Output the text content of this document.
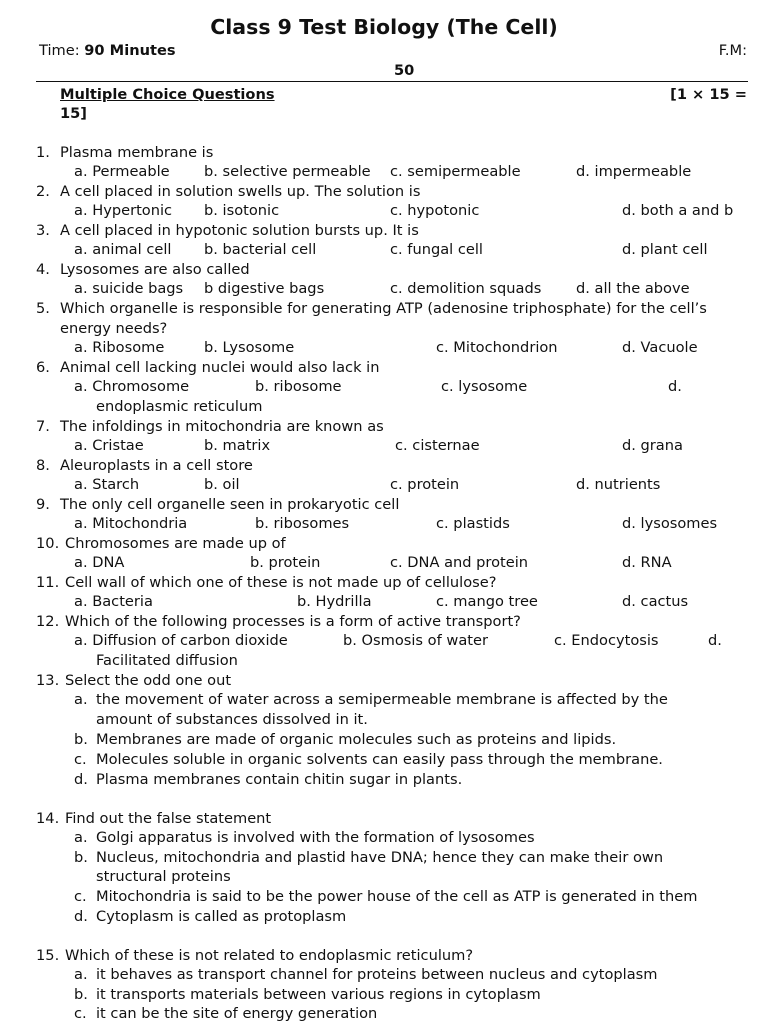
Class 9 Test Biology (The Cell)
Time: 90 Minutes	F.M:
50
Multiple Choice Questions	[1 × 15 =
15]
1. Plasma membrane is
a. Permeable b. selective permeable c. semipermeable	d. impermeable
2. A cell placed in solution swells up. The solution is
a. Hypertonic b. isotonic	c. hypotonic	d. both a and b
3. A cell placed in hypotonic solution bursts up. It is
a. animal cell b. bacterial cell	c. fungal cell	d. plant cell
4. Lysosomes are also called
a. suicide bags b digestive bags	c. demolition squads d. all the above
5. Which organelle is responsible for generating ATP (adenosine triphosphate) for the cell’s
energy needs?
a. Ribosome	b. Lysosome	c. Mitochondrion	d. Vacuole
6. Animal cell lacking nuclei would also lack in
a. Chromosome	b. ribosome	c. lysosome	d.
endoplasmic reticulum
7. The infoldings in mitochondria are known as
a. Cristae	b. matrix	c. cisternae	d. grana
8. Aleuroplasts in a cell store
a. Starch	b. oil	c. protein	d. nutrients
9. The only cell organelle seen in prokaryotic cell
a. Mitochondria	b. ribosomes	c. plastids	d. lysosomes
10. Chromosomes are made up of
a. DNA	b. protein	c. DNA and protein	d. RNA
11. Cell wall of which one of these is not made up of cellulose?
a. Bacteria	b. Hydrilla	c. mango tree	d. cactus
12. Which of the following processes is a form of active transport?
a. Diffusion of carbon dioxide	b. Osmosis of water	c. Endocytosis	d.
Facilitated diffusion
13. Select the odd one out
a. the movement of water across a semipermeable membrane is affected by the
amount of substances dissolved in it.
b. Membranes are made of organic molecules such as proteins and lipids.
c. Molecules soluble in organic solvents can easily pass through the membrane.
d. Plasma membranes contain chitin sugar in plants.
14. Find out the false statement
a. Golgi apparatus is involved with the formation of lysosomes
b. Nucleus, mitochondria and plastid have DNA; hence they can make their own
structural proteins
c. Mitochondria is said to be the power house of the cell as ATP is generated in them
d. Cytoplasm is called as protoplasm
15. Which of these is not related to endoplasmic reticulum?
a. it behaves as transport channel for proteins between nucleus and cytoplasm
b. it transports materials between various regions in cytoplasm
c. it can be the site of energy generation
